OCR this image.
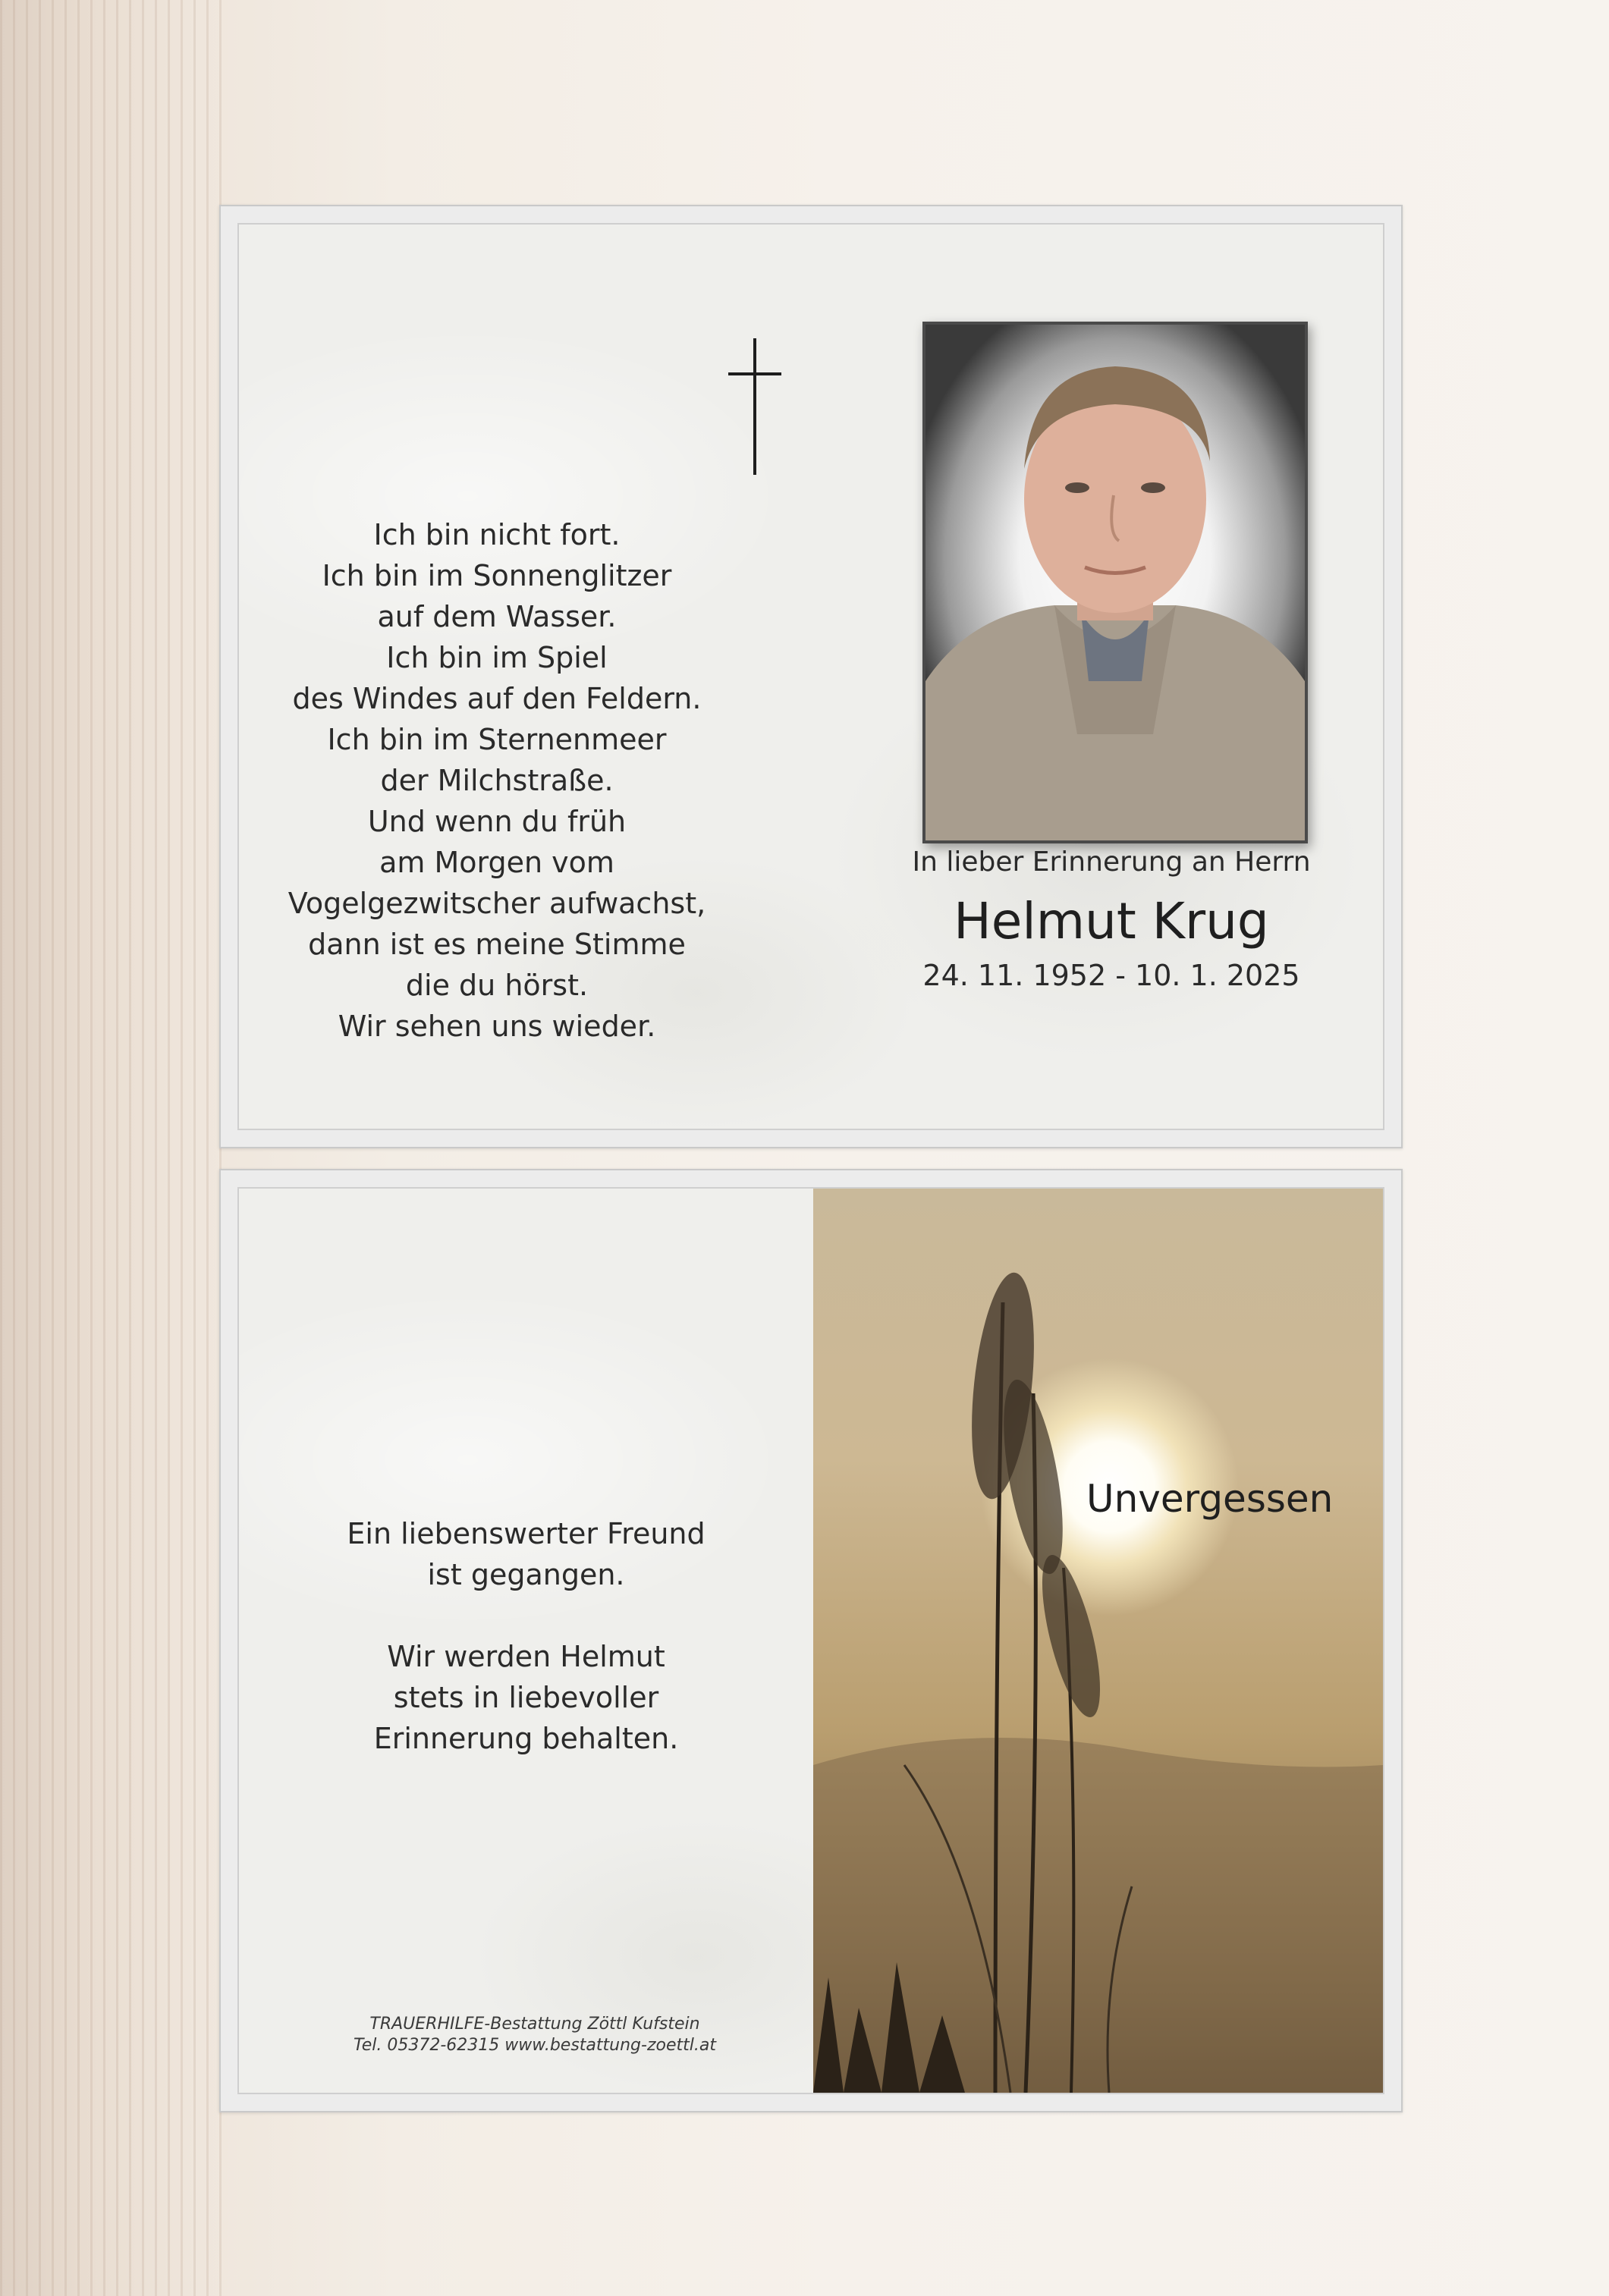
Ich bin nicht fort.
Ich bin im Sonnenglitzer
auf dem Wasser.
Ich bin im Spiel
des Windes auf den Feldern.
Ich bin im Sternenmeer
der Milchstraße.
Und wenn du früh
am Morgen vom
Vogelgezwitscher aufwachst,
dann ist es meine Stimme
die du hörst.
Wir sehen uns wieder.
In lieber Erinnerung an Herrn
Helmut Krug
24. 11. 1952 - 10. 1. 2025
Ein liebenswerter Freund
ist gegangen.
Wir werden Helmut
stets in liebevoller
Erinnerung behalten.
TRAUERHILFE-Bestattung Zöttl Kufstein
Tel. 05372-62315 www.bestattung-zoettl.at
Unvergessen
